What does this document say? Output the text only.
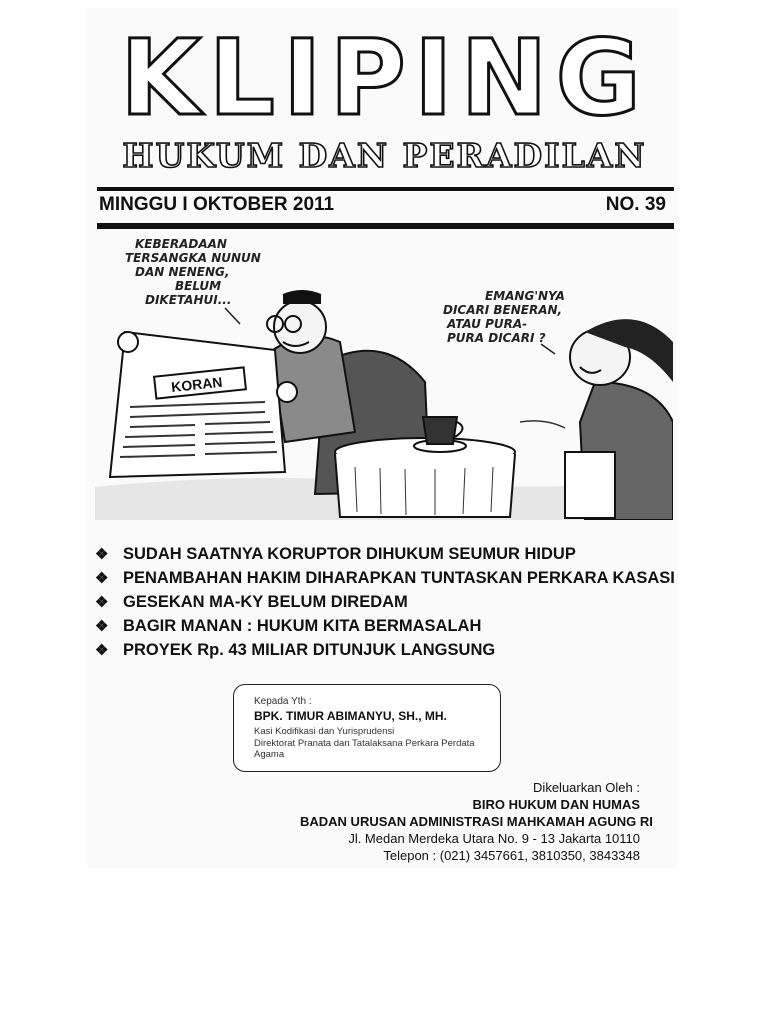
KLIPING
HUKUM DAN PERADILAN
MINGGU I OKTOBER 2011	NO. 39
KEBERADAAN TERSANGKA NUNUN DAN NENENG, BELUM DIKETAHUI...	EMANG'NYA DICARI BENERAN, ATAU PURA- PURA DICARI ?
KORAN
❖ SUDAH SAATNYA KORUPTOR DIHUKUM SEUMUR HIDUP
❖ PENAMBAHAN HAKIM DIHARAPKAN TUNTASKAN PERKARA KASASI
❖ GESEKAN MA-KY BELUM DIREDAM
❖ BAGIR MANAN : HUKUM KITA BERMASALAH
❖ PROYEK Rp. 43 MILIAR DITUNJUK LANGSUNG
Kepada Yth :
BPK. TIMUR ABIMANYU, SH., MH.
Kasi Kodifikasi dan Yurisprudensi
Direktorat Pranata dan Tatalaksana Perkara Perdata
Agama
Dikeluarkan Oleh :
BIRO HUKUM DAN HUMAS
BADAN URUSAN ADMINISTRASI MAHKAMAH AGUNG RI
Jl. Medan Merdeka Utara No. 9 - 13 Jakarta 10110
Telepon : (021) 3457661, 3810350, 3843348
